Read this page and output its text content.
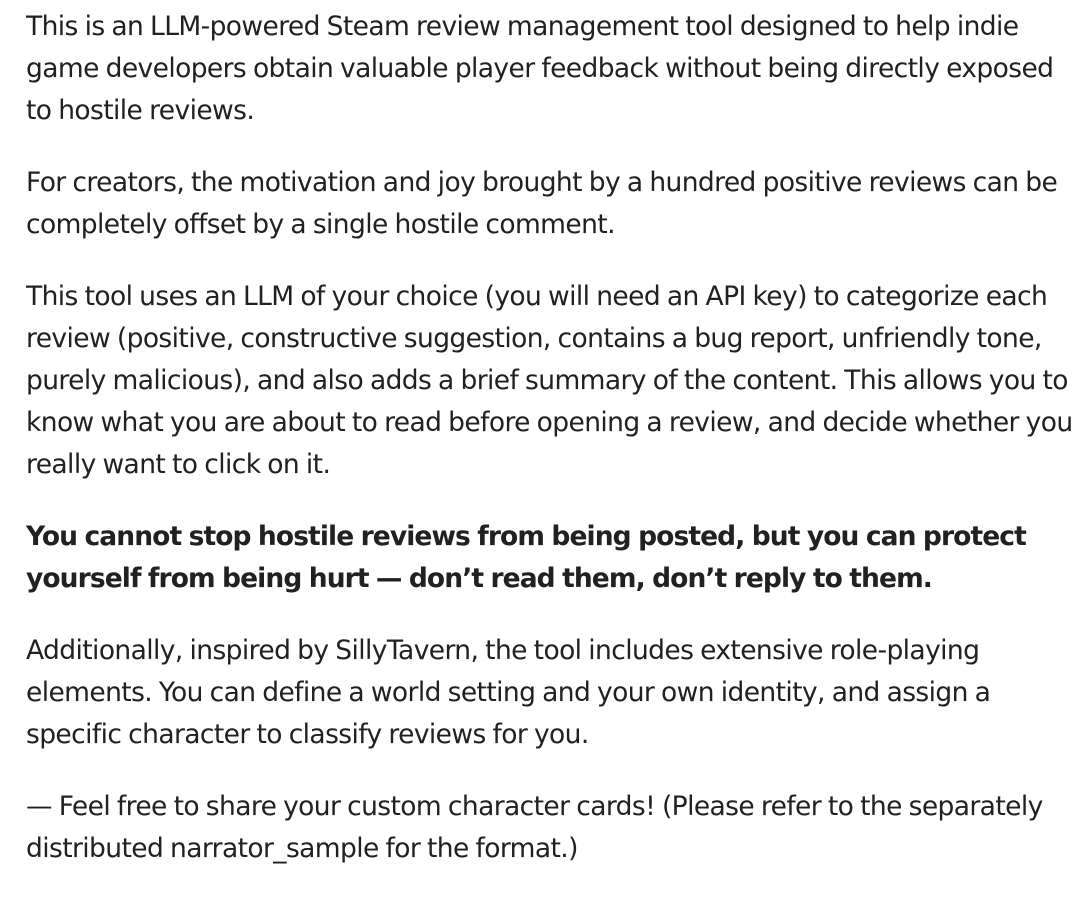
This is an LLM-powered Steam review management tool designed to help indie game developers obtain valuable player feedback without being directly exposed to hostile reviews.

For creators, the motivation and joy brought by a hundred positive reviews can be completely offset by a single hostile comment.

This tool uses an LLM of your choice (you will need an API key) to categorize each review (positive, constructive suggestion, contains a bug report, unfriendly tone, purely malicious), and also adds a brief summary of the content. This allows you to know what you are about to read before opening a review, and decide whether you really want to click on it.

You cannot stop hostile reviews from being posted, but you can protect yourself from being hurt — don’t read them, don’t reply to them.

Additionally, inspired by SillyTavern, the tool includes extensive role-playing elements. You can define a world setting and your own identity, and assign a specific character to classify reviews for you.

— Feel free to share your custom character cards! (Please refer to the separately distributed narrator_sample for the format.)
